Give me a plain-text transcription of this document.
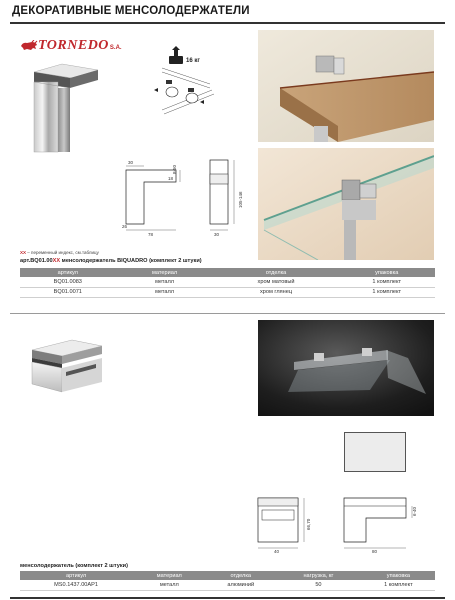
ДЕКОРАТИВНЫЕ МЕНСОЛОДЕРЖАТЕЛИ
TORNEDO S.A.
16 кг
30
8-50
18
26
78
105-146
30
XX – переменный индекс, см.таблицу
арт.BQ01.00XX менсолодержатель BIQUADRO (комплект 2 штуки)
артикул	материал	отделка	упаковка
BQ01.0083	металл	хром матовый	1 комплект
BQ01.0071	металл	хром глянец	1 комплект
66,70
40
6-40
80
менсолодержатель (комплект 2 штуки)
артикул	материал	отделка	нагрузка, кг	упаковка
MS0.1437.00AP1	металл	алюминий	50	1 комплект
